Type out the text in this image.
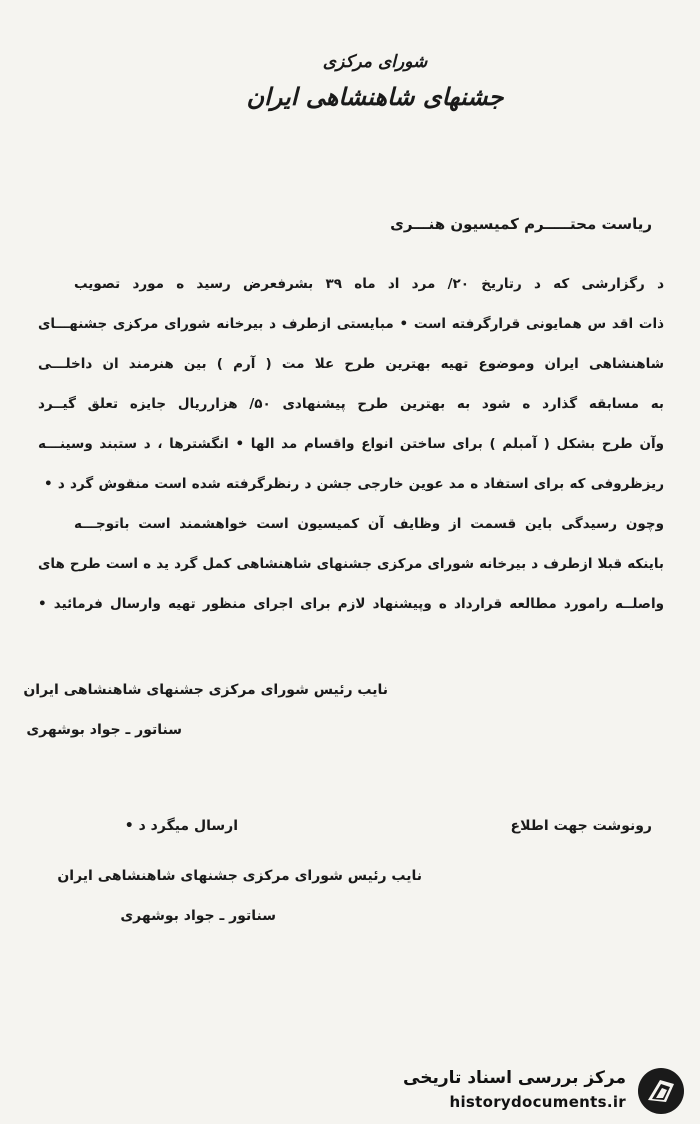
شورای مرکزی
جشنهای شاهنشاهی ایران
ریاست محتـــــرم کمیسیون هنـــری
د رگزارشی که د رتاریخ ۲۰/ مرد اد ماه ۳۹ بشرفعرض رسید ه مورد تصویب
ذات اقد س همایونی قرارگرفته است • مبایستی ازطرف د بیرخانه شورای مرکزی جشنهـــای
شاهنشاهی ایران وموضوع تهیه بهترین طرح علا مت ( آرم ) بین هنرمند ان داخلـــی
به مسابقه گذارد ه شود به بهترین طرح پیشنهادی ۵۰/ هزارریال جایزه تعلق گیــرد
وآن طرح بشکل ( آمبلم ) برای ساختن انواع واقسام مد الها • انگشترها ، د ستبند وسینـــه
ریزظروفی که برای استفاد ه مد عوین خارجی جشن د رنظرگرفته شده است منقوش گرد د •
وچون رسیدگی باین قسمت از وظایف آن کمیسیون است خواهشمند است باتوجـــه
باینکه قبلا ازطرف د بیرخانه شورای مرکزی جشنهای شاهنشاهی کمل گرد ید ه است طرح های
واصلــه رامورد مطالعه قرارداد ه وپیشنهاد لازم برای اجرای منظور تهیه وارسال فرمائید •
نایب رئیس شورای مرکزی جشنهای شاهنشاهی ایران
سناتور ـ جواد بوشهری
رونوشت جهت اطلاع
ارسال میگرد د •
نایب رئیس شورای مرکزی جشنهای شاهنشاهی ایران
سناتور ـ جواد بوشهری
مرکز بررسی اسناد تاریخی
historydocuments.ir
